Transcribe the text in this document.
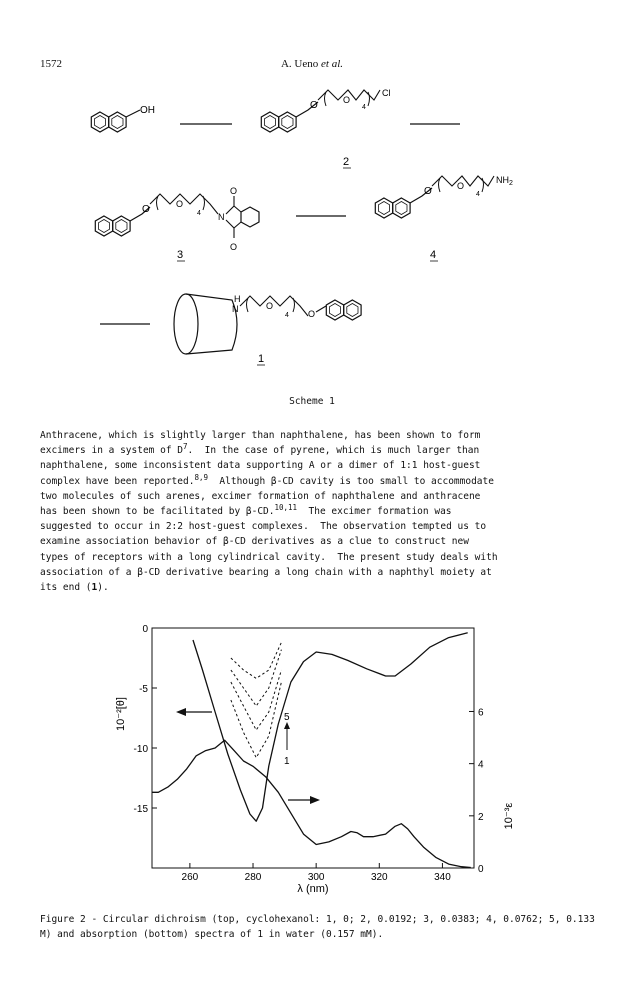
1572	A. Ueno et al.
OH	O	O
4
Cl
2
O	O
4 N
O
O
3
O	O
4
$NH_2$
4
H
N	O
4 O
1
Scheme 1
Anthracene, which is slightly larger than naphthalene, has been shown to form
excimers in a system of $D^7$.  In the case of pyrene, which is much larger than
naphthalene, some inconsistent data supporting A or a dimer of 1:1 host-guest
complex have been reported.$^{8,9}$  Although β-CD cavity is too small to accommodate
two molecules of such arenes, excimer formation of naphthalene and anthracene
has been shown to be facilitated by β-CD.$^{10,11}$  The excimer formation was
suggested to occur in 2:2 host-guest complexes.  The observation tempted us to
examine association behavior of β-CD derivatives as a clue to construct new
types of receptors with a long cylindrical cavity.  The present study deals with
association of a β-CD derivative bearing a long chain with a naphthyl moiety at
its end (1).
260	280	300	320	340
0
-5
-10
-15
0
2
4
6
5
1
λ (nm)
10⁻²[θ]
10⁻³ε
Figure 2 - Circular dichroism (top, cyclohexanol: 1, 0; 2, 0.0192; 3, 0.0383; 4, 0.0762; 5, 0.133 M) and absorption (bottom) spectra of 1 in water (0.157 mM).
